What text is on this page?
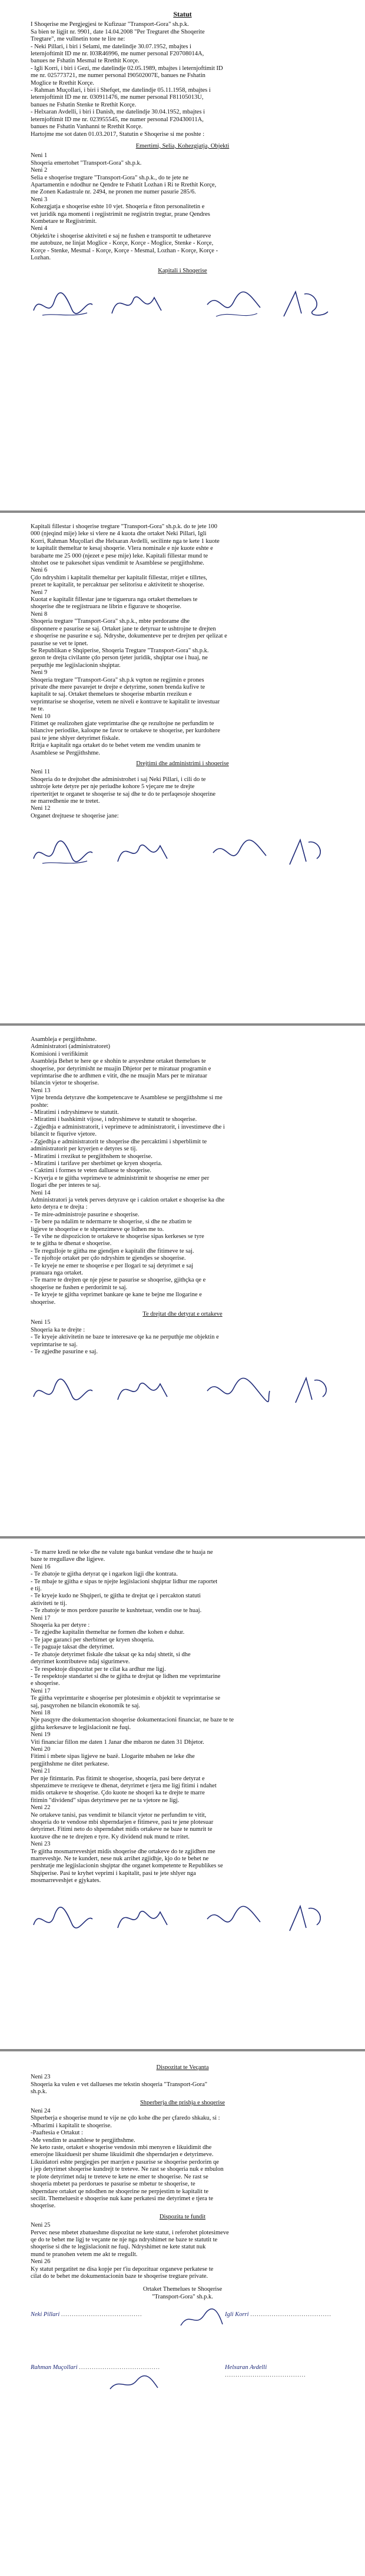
Statut
I Shoqerise me Pergjegjesi te Kufizuar "Transport-Gora" sh.p.k.
Sa bien te ligjit nr. 9901, date 14.04.2008 "Per Tregtaret dhe Shoqerite
Tregtare", me vullnetin tone te lire ne:
- Neki Pillari, i biri i Selami, me datelindje 30.07.1952, mbajtes i
leternjoftimit ID me nr. I03R46996, me numer personal F20708014A,
banues ne Fshatin Mesmal te Rrethit Korçe.
- Igli Korri, i biri i Gezi, me datelindje 02.05.1989, mbajtes i leternjoftimit ID
me nr. 025773721, me numer personal I90502007E, banues ne Fshatin
Moglice te Rrethit Korçe.
- Rahman Muçollari, i biri i Shefqet, me datelindje 05.11.1958, mbajtes i
leternjoftimit ID me nr. 030911476, me numer personal F81105013U,
banues ne Fshatin Stenke te Rrethit Korçe.
- Helxaran Avdelli, i biri i Danish, me datelindje 30.04.1952, mbajtes i
leternjoftimit ID me nr. 023955545, me numer personal F20430011A,
banues ne Fshatin Vanhanni te Rrethit Korçe.
Hartojme me sot daten 01.03.2017, Statutin e Shoqerise si me poshte :
Emertimi, Selia, Kohezgjatja, Objekti
Neni 1
Shoqeria emertohet "Transport-Gora" sh.p.k.
Neni 2
Selia e shoqerise tregtare "Transport-Gora" sh.p.k., do te jete ne
Apartamentin e ndodhur ne Qendre te Fshatit Lozhan i Ri te Rrethit Korçe,
me Zonen Kadastrale nr. 2494, ne pronen me numer pasurie 285/6.
Neni 3
Kohezgjatja e shoqerise eshte 10 vjet. Shoqeria e fiton personalitetin e
vet juridik nga momenti i regjistrimit ne regjistrin tregtar, prane Qendres
Kombetare te Regjistrimit.
Neni 4
Objekti/te i shoqerise aktiviteti e saj ne fushen e transportit te udhetareve
me autobuze, ne linjat Moglice - Korçe, Korçe - Moglice, Stenke - Korçe,
Korçe - Stenke, Mesmal - Korçe, Korçe - Mesmal, Lozhan - Korçe, Korçe -
Lozhan.
Kapitali i Shoqerise
Kapitali fillestar i shoqerise tregtare "Transport-Gora" sh.p.k. do te jete 100
000 (njeqind mije) leke si vlere ne 4 kuota dhe ortaket Neki Pillari, Igli
Korri, Rahman Muçollari dhe Helxaran Avdelli, secilinte nga te kete 1 kuote
te kapitalit themeltar te kesaj shoqerie. Vlera nominale e nje kuote eshte e
barabarte me 25 000 (njezet e pese mije) leke. Kapitali fillestar mund te
shtohet ose te pakesohet sipas vendimit te Asamblese se pergjithshme.
Neni 6
Çdo ndryshim i kapitalit themeltar per kapitalit fillestar, rritjet e tillrtes,
prezet te kapitalit, te percaktuar per selitorisu e aktivitetit te shoqerise.
Neni 7
Kuotat e kapitalit fillestar jane te tiguerura nga ortaket themelues te
shoqerise dhe te regjistruara ne librin e figurave te shoqerise.
Neni 8
Shoqeria tregtare "Transport-Gora" sh.p.k., mbte perdorame dhe
disponnere e pasurise se saj. Ortaket jane te detyruar te ushtrojne te drejten
e shoqerise ne pasurine e saj. Ndryshe, dokumenteve per te drejten per qelizat e
pasurise se vet te ipnet.
Se Republikan e Shqiperise, Shoqeria Tregtare "Transport-Gora" sh.p.k.
gezon te drejta civilante çdo person tjeter juridik, shqiptar ose i huaj, ne
perputhje me legjislacionin shqiptar.
Neni 9
Shoqeria tregtare "Transport-Gora" sh.p.k vqrton ne regjimin e prones
private dhe mere pavarejet te drejte e detyrime, sonen brenda kufive te
kapitalit te saj. Ortaket themelues te shoqerise mbartin rrezikun e
veprimtarise se shoqerise, vetem ne niveli e kontrave te kapitalit te investuar
ne te.
Neni 10
Fitimet qe realizohen gjate veprimtarise dhe qe rezultojne ne perfundim te
bilancive periodike, kaloqne ne favor te ortakeve te shoqerise, per kurdohere
pasi te jene shlyer detyrimet fiskale.
Rritja e kapitalit nga ortaket do te behet vetem me vendim unanim te
Asamblese se Pergjithshme.
Drejtimi dhe administrimi i shoqerise
Neni 11
Shoqeria do te drejtohet dhe administrohet i saj Neki Pillari, i cili do te
ushtroje kete detyre per nje periudhe kohore 5 vjeçare me te drejte
riperteritjet te organet te shoqerise te saj dhe te do te perfaqesoje shoqerine
ne marredhenie me te tretet.
Neni 12
Organet drejtuese te shoqerise jane:
Asambleja e pergjithshme.
Administratori (administratoret)
Komisioni i verifikimit
Asambleja Behet te here qe e shohin te arsyeshme ortaket themelues te
shoqerise, por detyrimisht ne muajin Dhjetor per te miratuar programin e
veprimtarise dhe te ardhmen e vitit, dhe ne muajin Mars per te miratuar
bilancin vjetor te shoqerise.
Neni 13
Vijne brenda detyrave dhe kompetencave te Asamblese se pergjithshme si me
poshte:
- Miratimi i ndryshimeve te statutit.
- Miratimi i bashkimit vijose, i ndryshimeve te statutit te shoqerise.
- Zgjedhja e administratorit, i veprimeve te administratorit, i investimeve dhe i
bilancit te fiqurive vjetore.
- Zgjedhja e administratorit te shoqerise dhe percaktimi i shperblimit te
administratorit per kryerjen e detyres se tij.
- Miratimi i rrezikut te pergjithshem te shoqerise.
- Miratimi i tarifave per sherbimet qe kryen shoqeria.
- Caktimi i formes te veten dalluese te shoqerise.
- Kryerja e te gjitha veprimeve te administrimit te shoqerise ne emer per
llogari dhe per interes te saj.
Neni 14
Administratori ja vetek perves detyrave qe i caktion ortaket e shoqerise ka dhe
keto detyra e te drejta :
- Te mire-administroje pasurine e shoqerise.
- Te bere pa ndalim te ndermarre te shoqerise, si dhe ne zbatim te
ligjeve te shoqerise e te shpenzimeve qe lidhen me to.
- Te vihe ne dispozicion te ortakeve te shoqerise sipas kerkeses se tyre
te te gjitha te dhenat e shoqerise.
- Te rregulloje te gjitha me gjendjen e kapitalit dhe fitimeve te saj.
- Te njoftoje ortaket per çdo ndryshim te gjendjes se shoqerise.
- Te kryeje ne emer te shoqerise e per llogari te saj detyrimet e saj
pranuara nga ortaket.
- Te marre te drejten qe nje pjese te pasurise se shoqerise, gjithçka qe e
shoqerise ne fushen e perdorimit te saj.
- Te kryeje te gjitha veprimet bankare qe kane te bejne me llogarine e
shoqerise.
Te drejtat dhe detyrat e ortakeve
Neni 15
Shoqeria ka te drejte :
- Te kryeje aktivitetin ne baze te interesave qe ka ne perputhje me objektin e
veprimtarise te saj.
- Te zgjedhe pasurine e saj.
- Te marre kredi ne teke dhe ne valute nga bankat vendase dhe te huaja ne
baze te rregullave dhe ligjeve.
Neni 16
- Te zbatoje te gjitha detyrat qe i ngarkon ligji dhe kontrata.
- Te mbaje te gjitha e sipas te njejte legjislacioni shqiptar lidhur me raportet
e tij.
- Te kryeje kudo ne Shqiperi, te gjitha te drejtat qe i percakton statuti
aktiviteti te tij.
- Te zbatoje te mos perdore pasurite te kushtetuar, vendin ose te huaj.
Neni 17
Shoqeria ka per detyre :
- Te zgjedhe kapitalin themeltar ne formen dhe kohen e duhur.
- Te jape garanci per sherbimet qe kryen shoqeria.
- Te paguaje taksat dhe detyrimet.
- Te zbatoje detyrimet fiskale dhe taksat qe ka ndaj shtetit, si dhe
detyrimet kontributeve ndaj sigurimeve.
- Te respektoje dispozitat per te cilat ka ardhur me ligj.
- Te respektoje standartet si dhe te gjitha te drejtat qe lidhen me veprimtarine
e shoqerise.
Neni 17
Te gjitha veprimtarite e shoqerise per plotesimin e objektit te veprimtarise se
saj, pasqyrohen ne bilancin ekonomik te saj.
Neni 18
Nje pasqyre dhe dokumentacion shoqerise dokumentacioni financiar, ne baze te te
gjitha kerkesave te legjislacionit ne fuqi.
Neni 19
Viti financiar fillon me daten 1 Janar dhe mbaron ne daten 31 Dhjetor.
Neni 20
Fitimi i mbete sipas ligjeve ne bazë. Llogarite mbahen ne leke dhe
pergjithshme ne ditet perkatese.
Neni 21
Per nje fitimtarin. Pas fitimit te shoqerise, shoqeria, pasi bere detyrat e
shpenzimeve te rreziqeve te dhenat, detyrimet e tjera me ligj fitimi i ndahet
midis ortakeve te shoqerise. Çdo kuote ne shoqeri ka te drejte te marre
fitimin "dividend" sipas detyrimeve per ne ta vjetore ne ligj.
Neni 22
Ne ortakeve tanisi, pas vendimit te bilancit vjetor ne perfundim te vitit,
shoqeria do te vendose mbi shperndarjen e fitimeve, pasi te jene plotesuar
detyrimet. Fitimi neto do shperndahet midis ortakeve ne baze te numrit te
kuotave dhe ne te drejten e tyre. Ky dividend nuk mund te rritet.
Neni 23
Te gjitha mosmarreveshjet midis shoqerise dhe ortakeve do te zgjidhen me
marreveshje. Ne te kundert, nese nuk arrihet zgjidhje, kjo do te behet ne
pershtatje me legjislacionin shqiptar dhe organet kompetente te Republikes se
Shqiperise. Pasi te kryhet veprimi i kapitalit, pasi te jete shlyer nga
mosmarreveshjet e gjykates.
Dispozitat te Veçanta
Neni 23
Shoqeria ka vulen e vet dallueses me tekstin shoqeria "Transport-Gora"
sh.p.k.
Shperberja dhe prishja e shoqerise
Neni 24
Shperberja e shoqerise mund te vije ne çdo kohe dhe per çfaredo shkaku, si :
-Mbarimi i kapitalit te shoqerise.
-Paaftesia e Ortakut :
-Me vendim te asamblese te pergjithshme.
Ne keto raste, ortaket e shoqerise vendosin mbi menyren e likuidimit dhe
emerojne likuiduesit per shume likuidimit dhe shperndarjen e detyrimeve.
Likuidatori eshte pergjegjes per marrjen e pasurise se shoqerise perdorim qe
i jep detyrimet shoqerise kundrejt te treteve. Ne rast se shoqeria nuk e mbulon
te plote detyrimet ndaj te treteve te kete ne emer te shoqerise. Ne rast se
shoqeria mbetet pa perdorues te pasurise se mbetur te shoqerise, te
shperndare ortaket qe ndodhen ne shoqerine ne perpjestim te kapitalit te
secilit. Themeluesit e shoqerise nuk kane perkatesi me detyrimet e tjera te
shoqerise.
Dispozita te fundit
Neni 25
Pervec nese mbetet zbatueshme dispozitat ne kete statut, i referohet plotesimeve
qe do te behet me ligj te veçante ne nje nga ndryshimet ne baze te statutit te
shoqerise si dhe te legjislacionit ne fuqi. Ndryshimet ne kete statut nuk
mund te pranohen vetem me akt te rregullt.
Neni 26
Ky statut pergatitet ne disa kopje per t'iu depozituar organeve perkatese te
cilat do te behet me dokumentacionin baze te shoqerise tregtare private.
Ortaket Themelues te Shoqerise
"Transport-Gora" sh.p.k.
Neki Pillari ......................................	Igli Korri ......................................
Rahman Muçollari ......................................	Helxaran Avdelli ......................................
